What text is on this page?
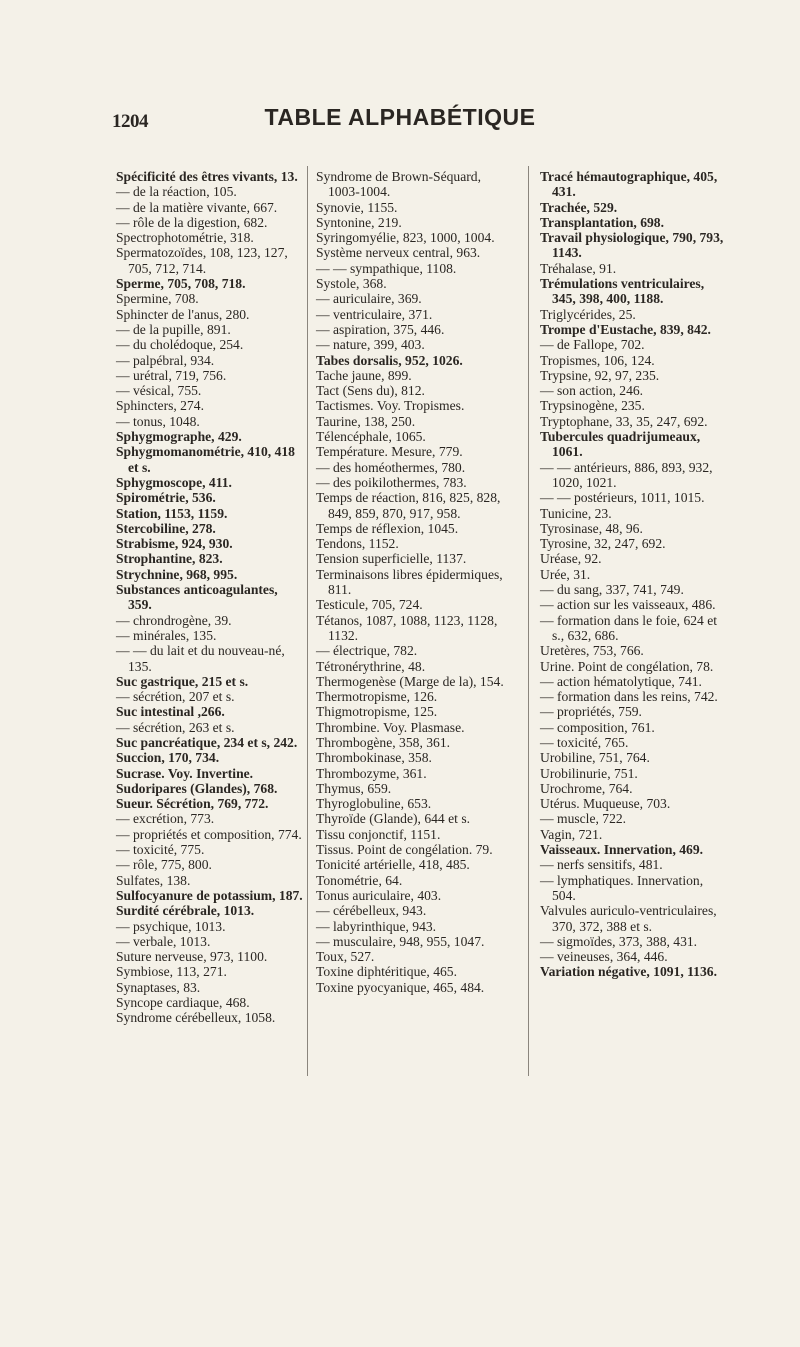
1204	TABLE ALPHABÉTIQUE
Spécificité des êtres vivants, 13.
— de la réaction, 105.
— de la matière vivante, 667.
— rôle de la digestion, 682.
Spectrophotométrie, 318.
Spermatozoïdes, 108, 123, 127, 705, 712, 714.
Sperme, 705, 708, 718.
Spermine, 708.
Sphincter de l'anus, 280.
— de la pupille, 891.
— du cholédoque, 254.
— palpébral, 934.
— urétral, 719, 756.
— vésical, 755.
Sphincters, 274.
— tonus, 1048.
Sphygmographe, 429.
Sphygmomanométrie, 410, 418 et s.
Sphygmoscope, 411.
Spirométrie, 536.
Station, 1153, 1159.
Stercobiline, 278.
Strabisme, 924, 930.
Strophantine, 823.
Strychnine, 968, 995.
Substances anticoagulantes, 359.
— chrondrogène, 39.
— minérales, 135.
— — du lait et du nouveau-né, 135.
Suc gastrique, 215 et s.
— sécrétion, 207 et s.
Suc intestinal ,266.
— sécrétion, 263 et s.
Suc pancréatique, 234 et s, 242.
Succion, 170, 734.
Sucrase. Voy. Invertine.
Sudoripares (Glandes), 768.
Sueur. Sécrétion, 769, 772.
— excrétion, 773.
— propriétés et composition, 774.
— toxicité, 775.
— rôle, 775, 800.
Sulfates, 138.
Sulfocyanure de potassium, 187.
Surdité cérébrale, 1013.
— psychique, 1013.
— verbale, 1013.
Suture nerveuse, 973, 1100.
Symbiose, 113, 271.
Synaptases, 83.
Syncope cardiaque, 468.
Syndrome cérébelleux, 1058.
Syndrome de Brown-Séquard, 1003-1004.
Synovie, 1155.
Syntonine, 219.
Syringomyélie, 823, 1000, 1004.
Système nerveux central, 963.
— — sympathique, 1108.
Systole, 368.
— auriculaire, 369.
— ventriculaire, 371.
— aspiration, 375, 446.
— nature, 399, 403.
Tabes dorsalis, 952, 1026.
Tache jaune, 899.
Tact (Sens du), 812.
Tactismes. Voy. Tropismes.
Taurine, 138, 250.
Télencéphale, 1065.
Température. Mesure, 779.
— des homéothermes, 780.
— des poikilothermes, 783.
Temps de réaction, 816, 825, 828, 849, 859, 870, 917, 958.
Temps de réflexion, 1045.
Tendons, 1152.
Tension superficielle, 1137.
Terminaisons libres épidermiques, 811.
Testicule, 705, 724.
Tétanos, 1087, 1088, 1123, 1128, 1132.
— électrique, 782.
Tétronérythrine, 48.
Thermogenèse (Marge de la), 154.
Thermotropisme, 126.
Thigmotropisme, 125.
Thrombine. Voy. Plasmase.
Thrombogène, 358, 361.
Thrombokinase, 358.
Thrombozyme, 361.
Thymus, 659.
Thyroglobuline, 653.
Thyroïde (Glande), 644 et s.
Tissu conjonctif, 1151.
Tissus. Point de congélation. 79.
Tonicité artérielle, 418, 485.
Tonométrie, 64.
Tonus auriculaire, 403.
— cérébelleux, 943.
— labyrinthique, 943.
— musculaire, 948, 955, 1047.
Toux, 527.
Toxine diphtéritique, 465.
Toxine pyocyanique, 465, 484.
Tracé hémautographique, 405, 431.
Trachée, 529.
Transplantation, 698.
Travail physiologique, 790, 793, 1143.
Tréhalase, 91.
Trémulations ventriculaires, 345, 398, 400, 1188.
Triglycérides, 25.
Trompe d'Eustache, 839, 842.
— de Fallope, 702.
Tropismes, 106, 124.
Trypsine, 92, 97, 235.
— son action, 246.
Trypsinogène, 235.
Tryptophane, 33, 35, 247, 692.
Tubercules quadrijumeaux, 1061.
— — antérieurs, 886, 893, 932, 1020, 1021.
— — postérieurs, 1011, 1015.
Tunicine, 23.
Tyrosinase, 48, 96.
Tyrosine, 32, 247, 692.
Uréase, 92.
Urée, 31.
— du sang, 337, 741, 749.
— action sur les vaisseaux, 486.
— formation dans le foie, 624 et s., 632, 686.
Uretères, 753, 766.
Urine. Point de congélation, 78.
— action hématolytique, 741.
— formation dans les reins, 742.
— propriétés, 759.
— composition, 761.
— toxicité, 765.
Urobiline, 751, 764.
Urobilinurie, 751.
Urochrome, 764.
Utérus. Muqueuse, 703.
— muscle, 722.
Vagin, 721.
Vaisseaux. Innervation, 469.
— nerfs sensitifs, 481.
— lymphatiques. Innervation, 504.
Valvules auriculo-ventriculaires, 370, 372, 388 et s.
— sigmoïdes, 373, 388, 431.
— veineuses, 364, 446.
Variation négative, 1091, 1136.
